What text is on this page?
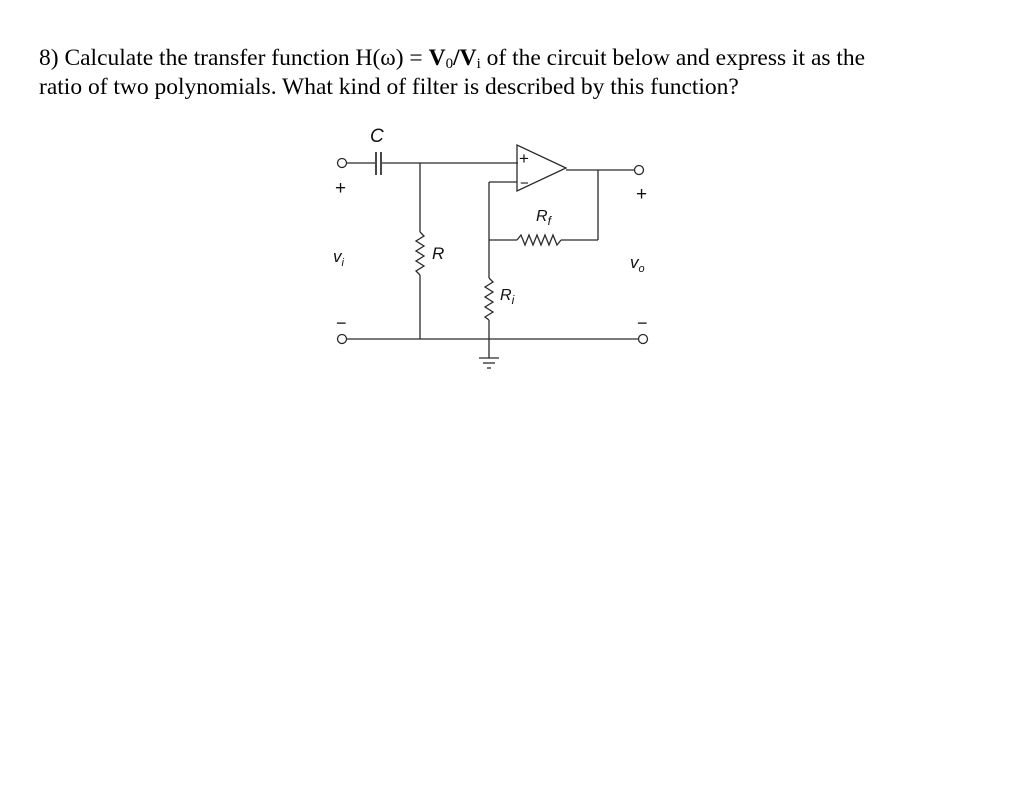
8) Calculate the transfer function $H(\omega) = V_0/V_i$ of the circuit below and express it as the
ratio of two polynomials. What kind of filter is described by this function?
C
R
$R_f$
$R_i$
+
−
$v_i$
+
−
$v_o$
+
−
